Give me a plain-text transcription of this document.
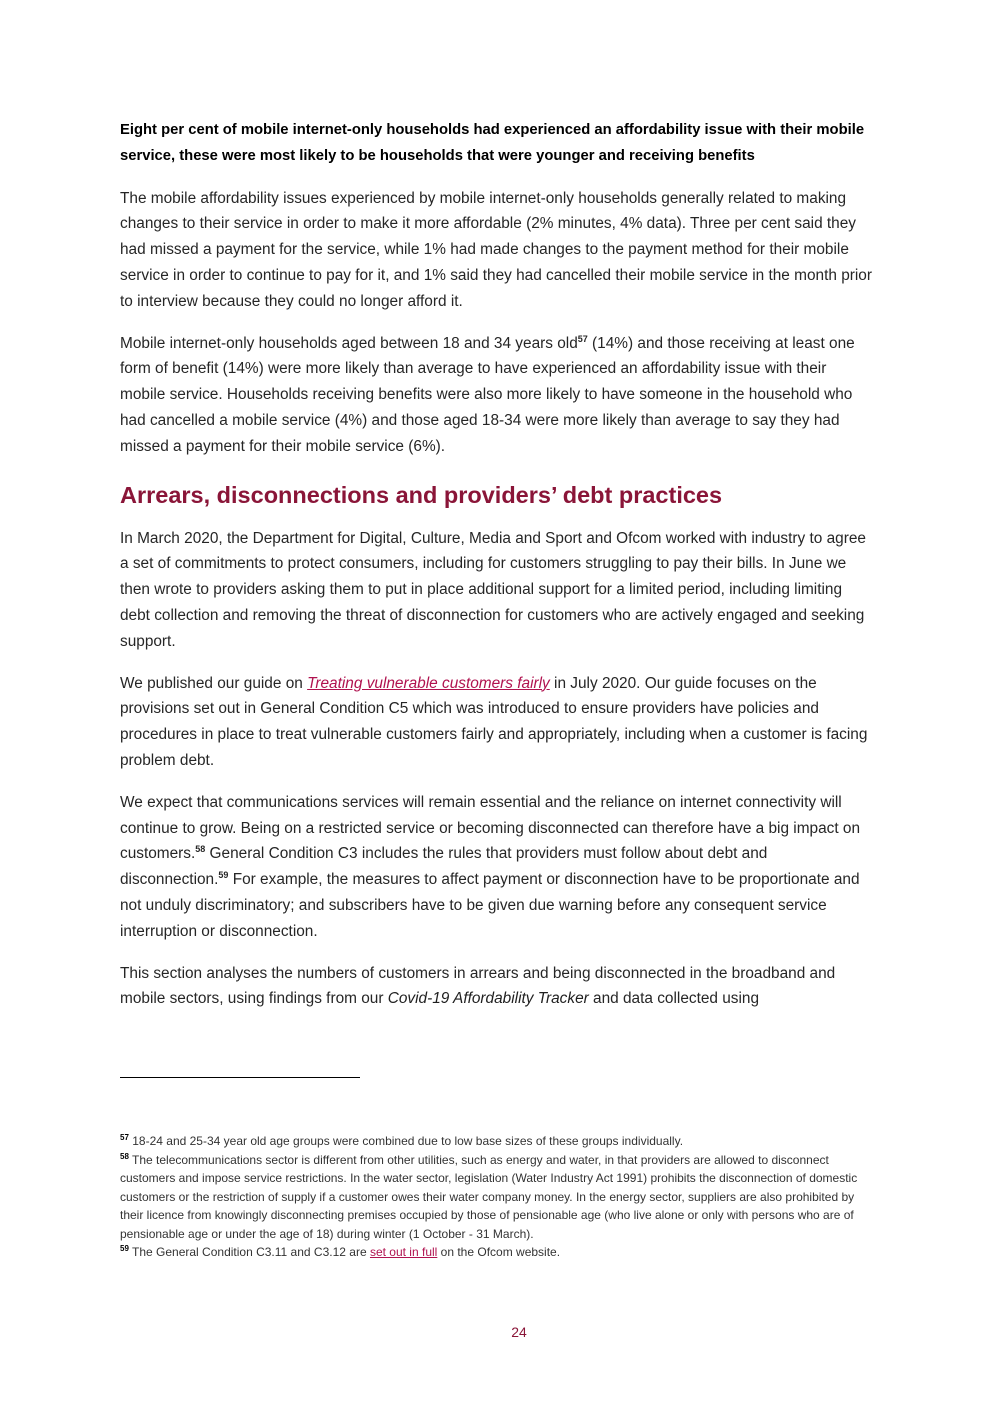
Eight per cent of mobile internet-only households had experienced an affordability issue with their mobile service, these were most likely to be households that were younger and receiving benefits

The mobile affordability issues experienced by mobile internet-only households generally related to making changes to their service in order to make it more affordable (2% minutes, 4% data). Three per cent said they had missed a payment for the service, while 1% had made changes to the payment method for their mobile service in order to continue to pay for it, and 1% said they had cancelled their mobile service in the month prior to interview because they could no longer afford it.

Mobile internet-only households aged between 18 and 34 years old$^{57}$ (14%) and those receiving at least one form of benefit (14%) were more likely than average to have experienced an affordability issue with their mobile service. Households receiving benefits were also more likely to have someone in the household who had cancelled a mobile service (4%) and those aged 18-34 were more likely than average to say they had missed a payment for their mobile service (6%).

Arrears, disconnections and providers’ debt practices

In March 2020, the Department for Digital, Culture, Media and Sport and Ofcom worked with industry to agree a set of commitments to protect consumers, including for customers struggling to pay their bills. In June we then wrote to providers asking them to put in place additional support for a limited period, including limiting debt collection and removing the threat of disconnection for customers who are actively engaged and seeking support.

We published our guide on Treating vulnerable customers fairly in July 2020. Our guide focuses on the provisions set out in General Condition C5 which was introduced to ensure providers have policies and procedures in place to treat vulnerable customers fairly and appropriately, including when a customer is facing problem debt.

We expect that communications services will remain essential and the reliance on internet connectivity will continue to grow. Being on a restricted service or becoming disconnected can therefore have a big impact on customers.$^{58}$ General Condition C3 includes the rules that providers must follow about debt and disconnection.$^{59}$ For example, the measures to affect payment or disconnection have to be proportionate and not unduly discriminatory; and subscribers have to be given due warning before any consequent service interruption or disconnection.

This section analyses the numbers of customers in arrears and being disconnected in the broadband and mobile sectors, using findings from our Covid-19 Affordability Tracker and data collected using

$^{57}$ 18-24 and 25-34 year old age groups were combined due to low base sizes of these groups individually.

$^{58}$ The telecommunications sector is different from other utilities, such as energy and water, in that providers are allowed to disconnect customers and impose service restrictions. In the water sector, legislation (Water Industry Act 1991) prohibits the disconnection of domestic customers or the restriction of supply if a customer owes their water company money. In the energy sector, suppliers are also prohibited by their licence from knowingly disconnecting premises occupied by those of pensionable age (who live alone or only with persons who are of pensionable age or under the age of 18) during winter (1 October - 31 March).

$^{59}$ The General Condition C3.11 and C3.12 are set out in full on the Ofcom website.

24
